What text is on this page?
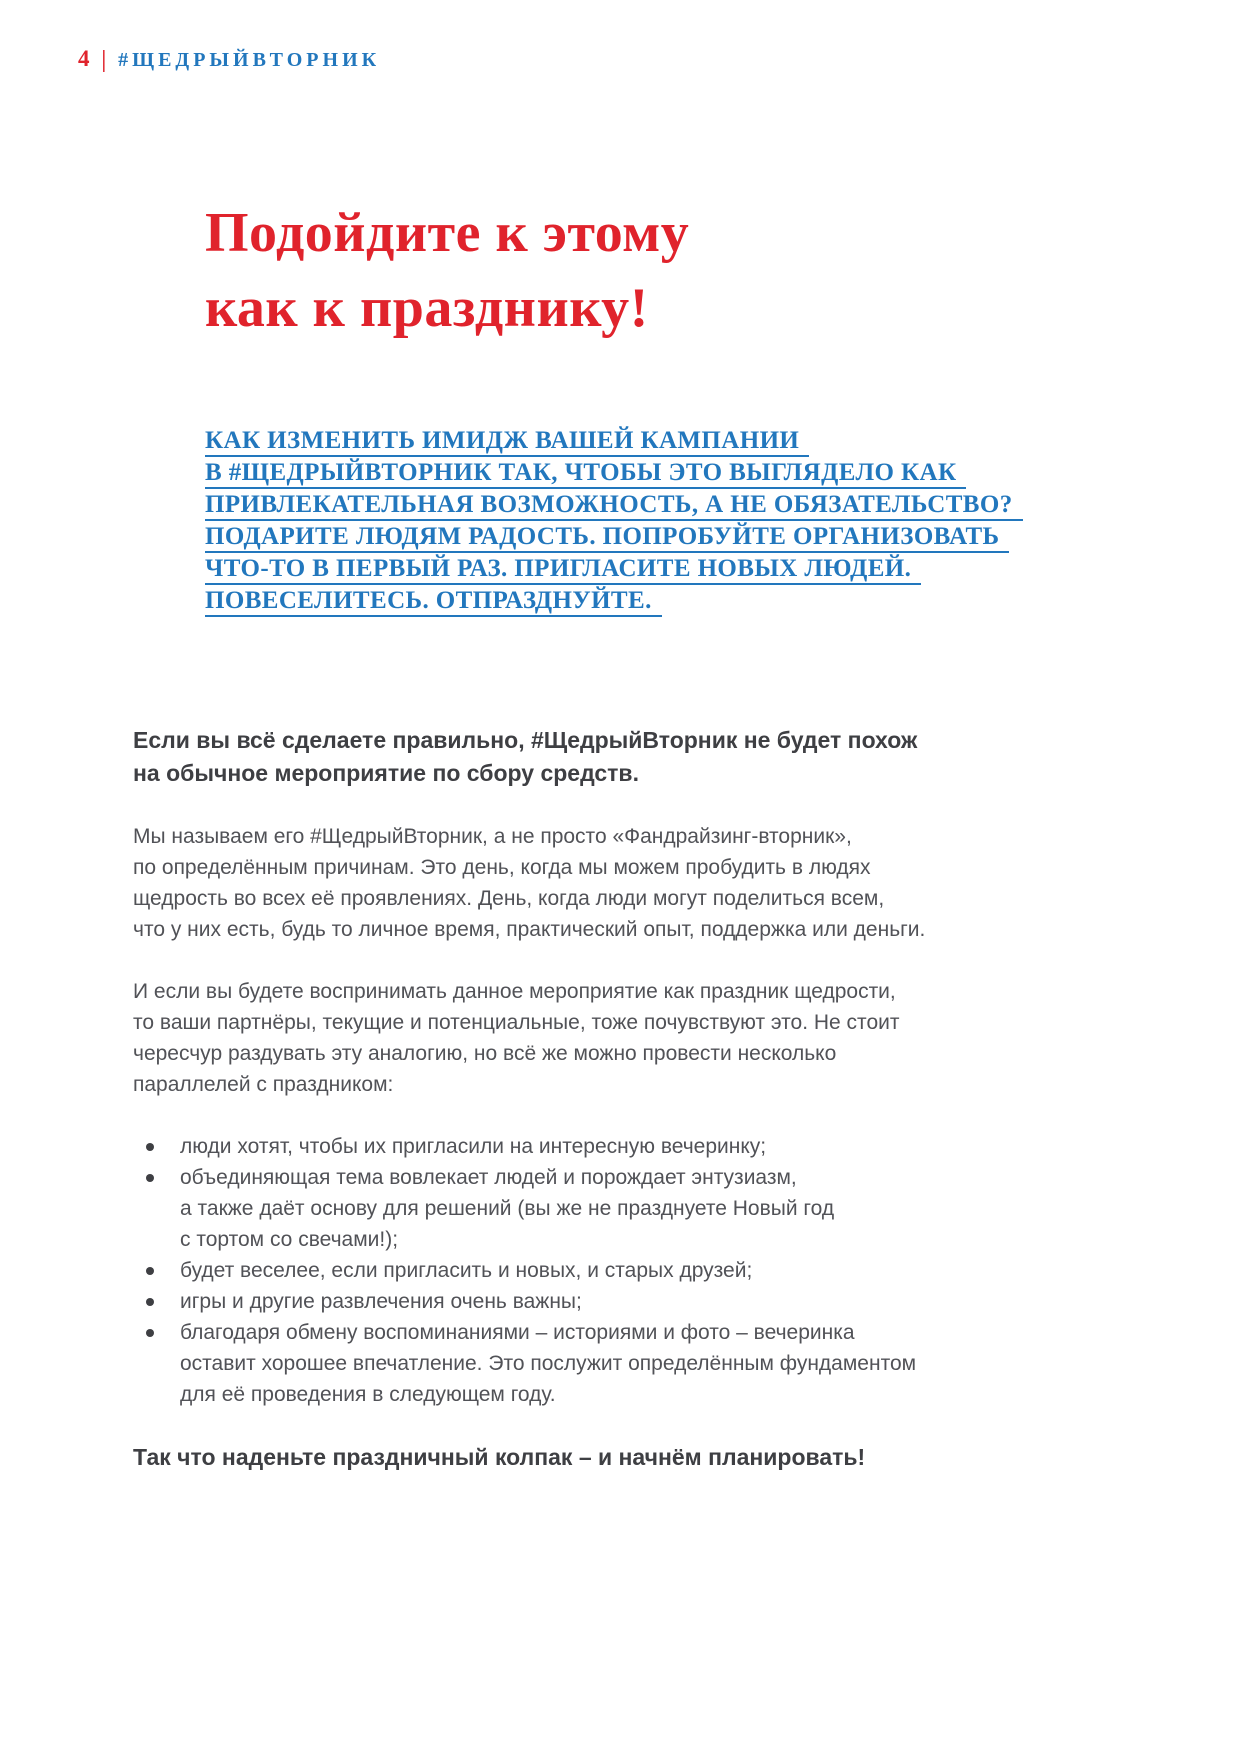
4 | #ЩЕДРЫЙВТОРНИК
Подойдите к этому
как к празднику!
КАК ИЗМЕНИТЬ ИМИДЖ ВАШЕЙ КАМПАНИИ
В #ЩЕДРЫЙВТОРНИК ТАК, ЧТОБЫ ЭТО ВЫГЛЯДЕЛО КАК
ПРИВЛЕКАТЕЛЬНАЯ ВОЗМОЖНОСТЬ, А НЕ ОБЯЗАТЕЛЬСТВО?
ПОДАРИТЕ ЛЮДЯМ РАДОСТЬ. ПОПРОБУЙТЕ ОРГАНИЗОВАТЬ
ЧТО-ТО В ПЕРВЫЙ РАЗ. ПРИГЛАСИТЕ НОВЫХ ЛЮДЕЙ.
ПОВЕСЕЛИТЕСЬ. ОТПРАЗДНУЙТЕ.

Если вы всё сделаете правильно, #ЩедрыйВторник не будет похож
на обычное мероприятие по сбору средств.

Мы называем его #ЩедрыйВторник, а не просто «Фандрайзинг-вторник»,
по определённым причинам. Это день, когда мы можем пробудить в людях
щедрость во всех её проявлениях. День, когда люди могут поделиться всем,
что у них есть, будь то личное время, практический опыт, поддержка или деньги.

И если вы будете воспринимать данное мероприятие как праздник щедрости,
то ваши партнёры, текущие и потенциальные, тоже почувствуют это. Не стоит
чересчур раздувать эту аналогию, но всё же можно провести несколько
параллелей с праздником:

люди хотят, чтобы их пригласили на интересную вечеринку;
объединяющая тема вовлекает людей и порождает энтузиазм,
а также даёт основу для решений (вы же не празднуете Новый год
с тортом со свечами!);
будет веселее, если пригласить и новых, и старых друзей;
игры и другие развлечения очень важны;
благодаря обмену воспоминаниями – историями и фото – вечеринка
оставит хорошее впечатление. Это послужит определённым фундаментом
для её проведения в следующем году.

Так что наденьте праздничный колпак – и начнём планировать!
